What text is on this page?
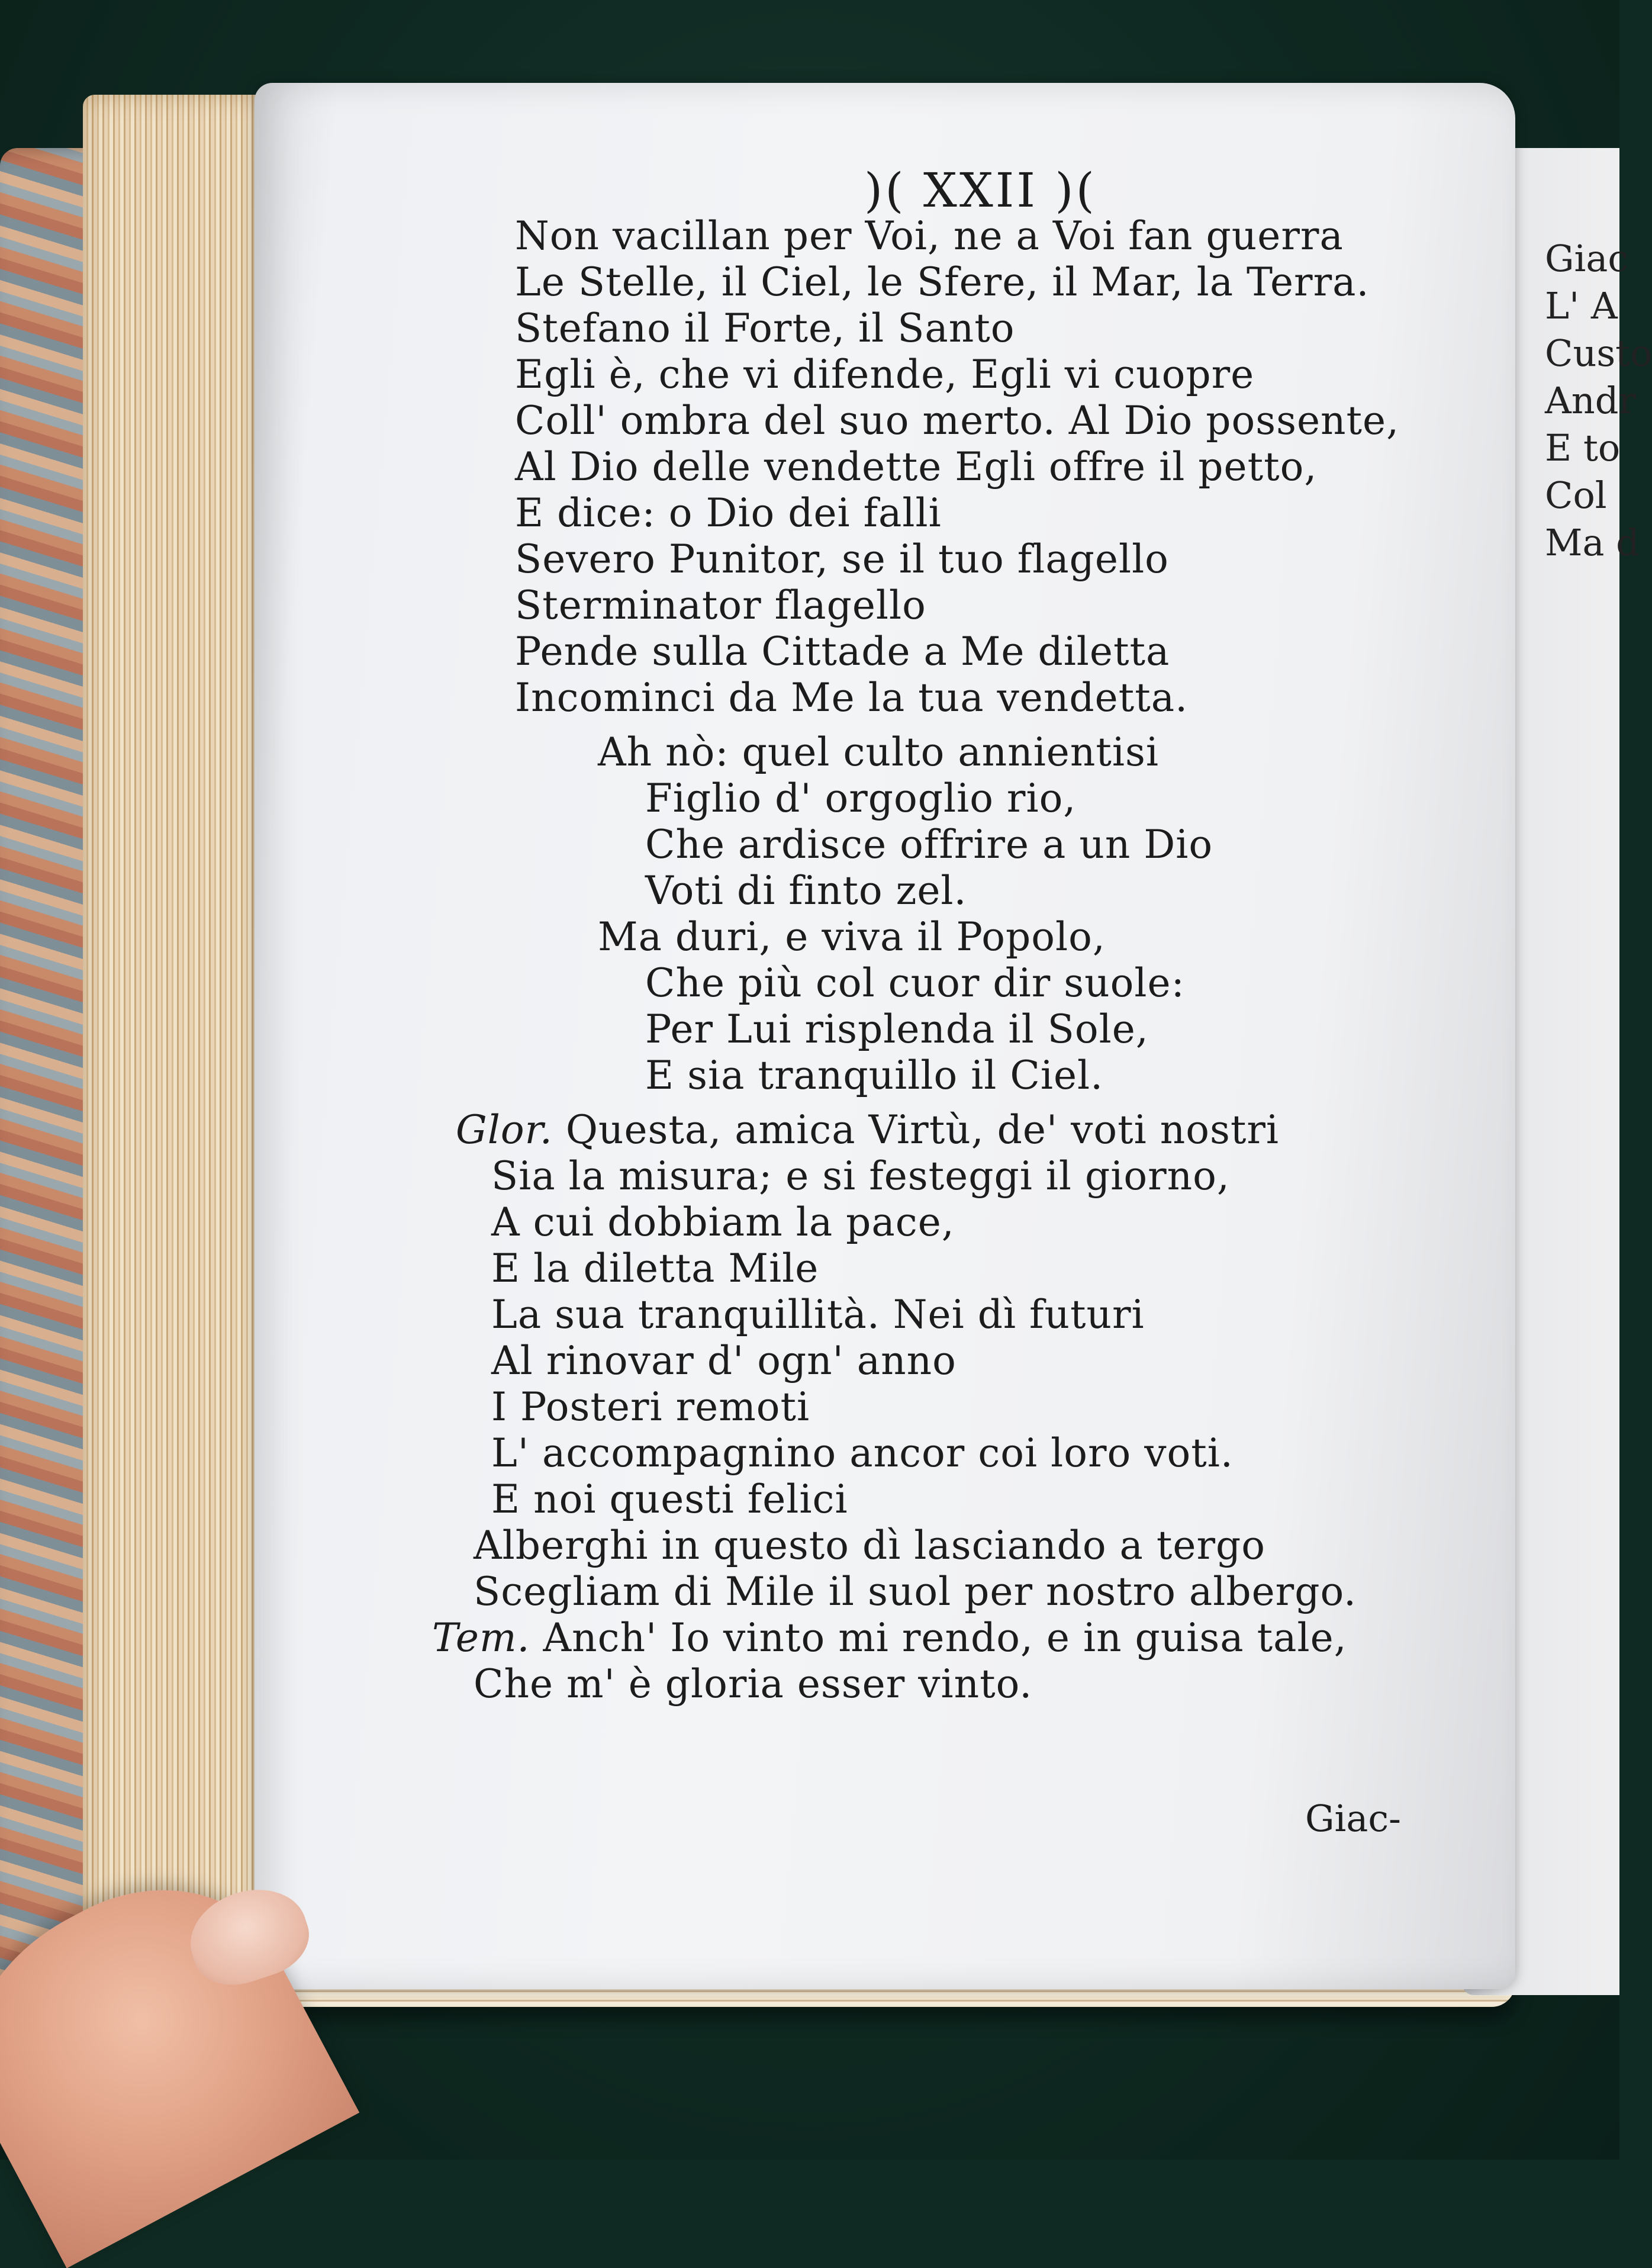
Giac
L' A
Custo
Andr
E to
Col
Ma d
)( XXII )(
Non vacillan per Voi, ne a Voi fan guerra
Le Stelle, il Ciel, le Sfere, il Mar, la Terra.
Stefano il Forte, il Santo
Egli è, che vi difende, Egli vi cuopre
Coll' ombra del suo merto. Al Dio possente,
Al Dio delle vendette Egli offre il petto,
E dice: o Dio dei falli
Severo Punitor, se il tuo flagello
Sterminator flagello
Pende sulla Cittade a Me diletta
Incominci da Me la tua vendetta.
Ah nò: quel culto annientisi
Figlio d' orgoglio rio,
Che ardisce offrire a un Dio
Voti di finto zel.
Ma duri, e viva il Popolo,
Che più col cuor dir suole:
Per Lui risplenda il Sole,
E sia tranquillo il Ciel.
Glor. Questa, amica Virtù, de' voti nostri
Sia la misura; e si festeggi il giorno,
A cui dobbiam la pace,
E la diletta Mile
La sua tranquillità. Nei dì futuri
Al rinovar d' ogn' anno
I Posteri remoti
L' accompagnino ancor coi loro voti.
E noi questi felici
Alberghi in questo dì lasciando a tergo
Scegliam di Mile il suol per nostro albergo.
Tem. Anch' Io vinto mi rendo, e in guisa tale,
Che m' è gloria esser vinto.
Giac-
